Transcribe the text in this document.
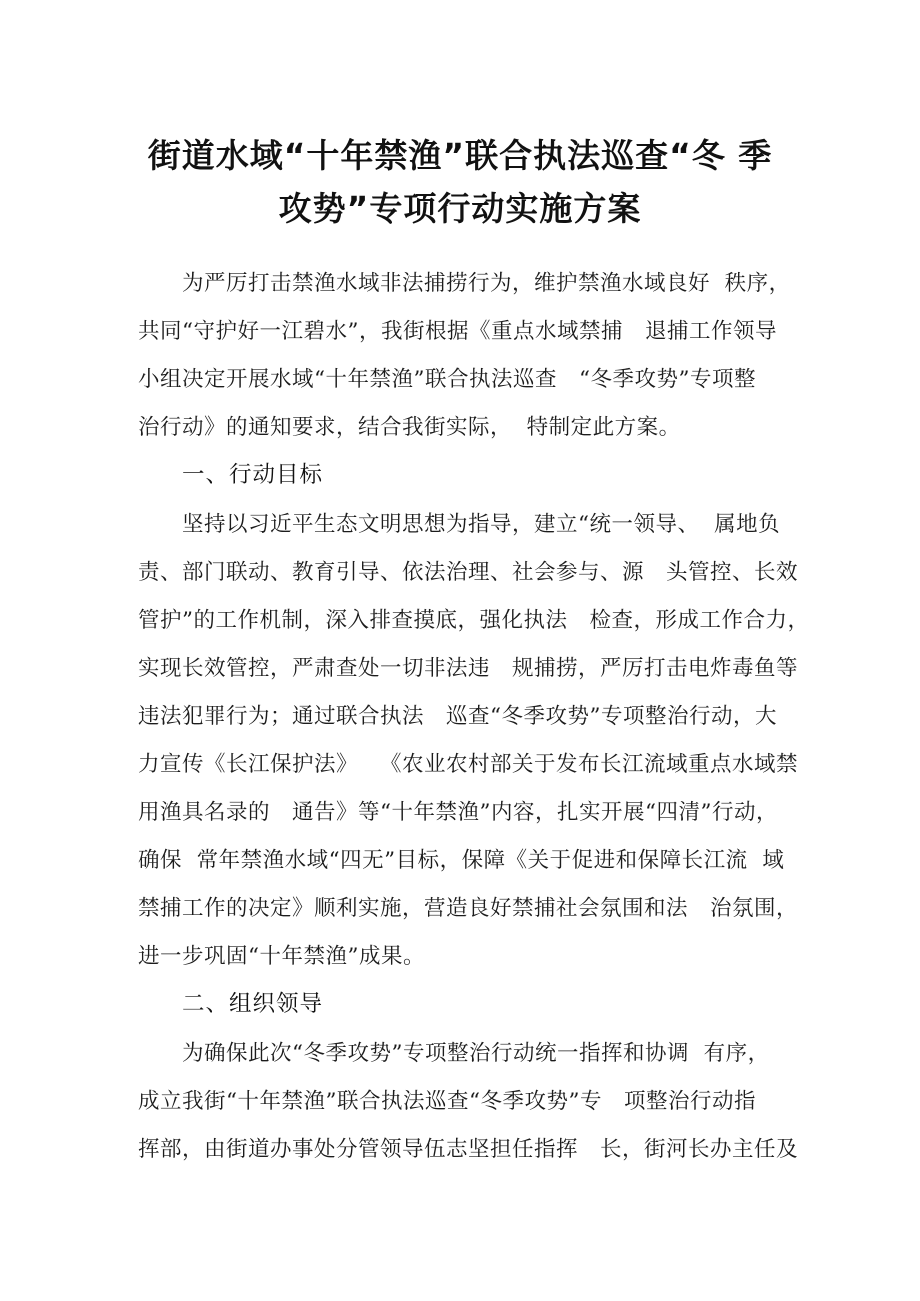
街道水域“十年禁渔”联合执法巡查“冬 季
攻势”专项行动实施方案
为严厉打击禁渔水域非法捕捞行为，维护禁渔水域良好  秩序，
共同“守护好一江碧水”，我街根据《重点水域禁捕   退捕工作领导
小组决定开展水域“十年禁渔”联合执法巡查   “冬季攻势”专项整
治行动》的通知要求，结合我街实际，  特制定此方案。
一、行动目标
坚持以习近平生态文明思想为指导，建立“统一领导、  属地负
责、部门联动、教育引导、依法治理、社会参与、源   头管控、长效
管护”的工作机制，深入排查摸底，强化执法   检查，形成工作合力，
实现长效管控，严肃查处一切非法违   规捕捞，严厉打击电炸毒鱼等
违法犯罪行为；通过联合执法   巡查“冬季攻势”专项整治行动，大
力宣传《长江保护法》   《农业农村部关于发布长江流域重点水域禁
用渔具名录的   通告》等“十年禁渔”内容，扎实开展“四清”行动，
确保  常年禁渔水域“四无”目标，保障《关于促进和保障长江流  域
禁捕工作的决定》顺利实施，营造良好禁捕社会氛围和法   治氛围，
进一步巩固“十年禁渔”成果。
二、组织领导
为确保此次“冬季攻势”专项整治行动统一指挥和协调  有序，
成立我街“十年禁渔”联合执法巡查“冬季攻势”专   项整治行动指
挥部，由街道办事处分管领导伍志坚担任指挥   长，街河长办主任及
